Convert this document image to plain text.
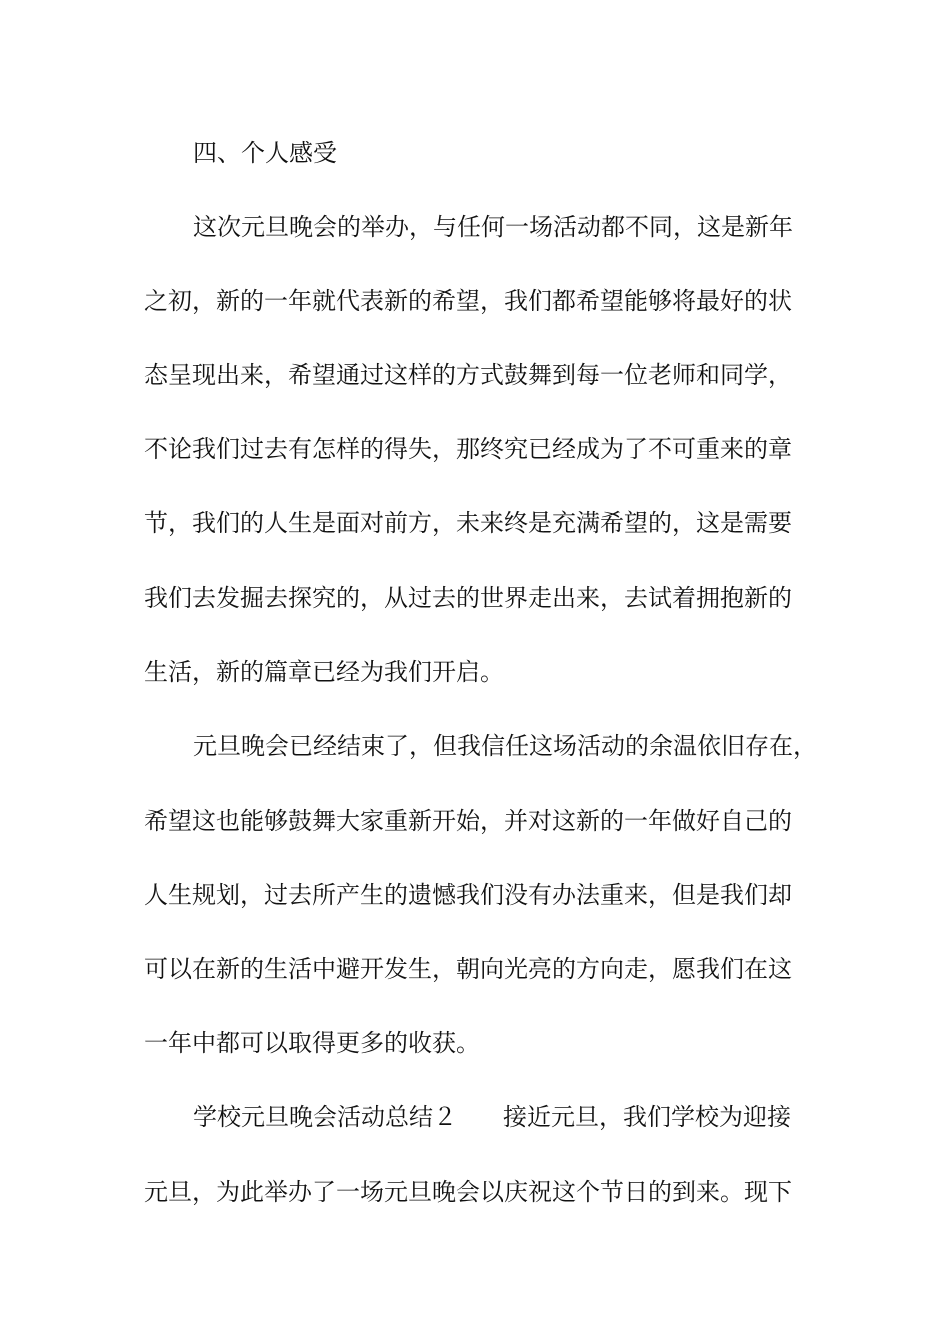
四、个人感受
这次元旦晚会的举办，与任何一场活动都不同，这是新年
之初，新的一年就代表新的希望，我们都希望能够将最好的状
态呈现出来，希望通过这样的方式鼓舞到每一位老师和同学，
不论我们过去有怎样的得失，那终究已经成为了不可重来的章
节，我们的人生是面对前方，未来终是充满希望的，这是需要
我们去发掘去探究的，从过去的世界走出来，去试着拥抱新的
生活，新的篇章已经为我们开启。
元旦晚会已经结束了，但我信任这场活动的余温依旧存在，
希望这也能够鼓舞大家重新开始，并对这新的一年做好自己的
人生规划，过去所产生的遗憾我们没有办法重来，但是我们却
可以在新的生活中避开发生，朝向光亮的方向走，愿我们在这
一年中都可以取得更多的收获。
学校元旦晚会活动总结２ 接近元旦，我们学校为迎接
元旦，为此举办了一场元旦晚会以庆祝这个节日的到来。现下
